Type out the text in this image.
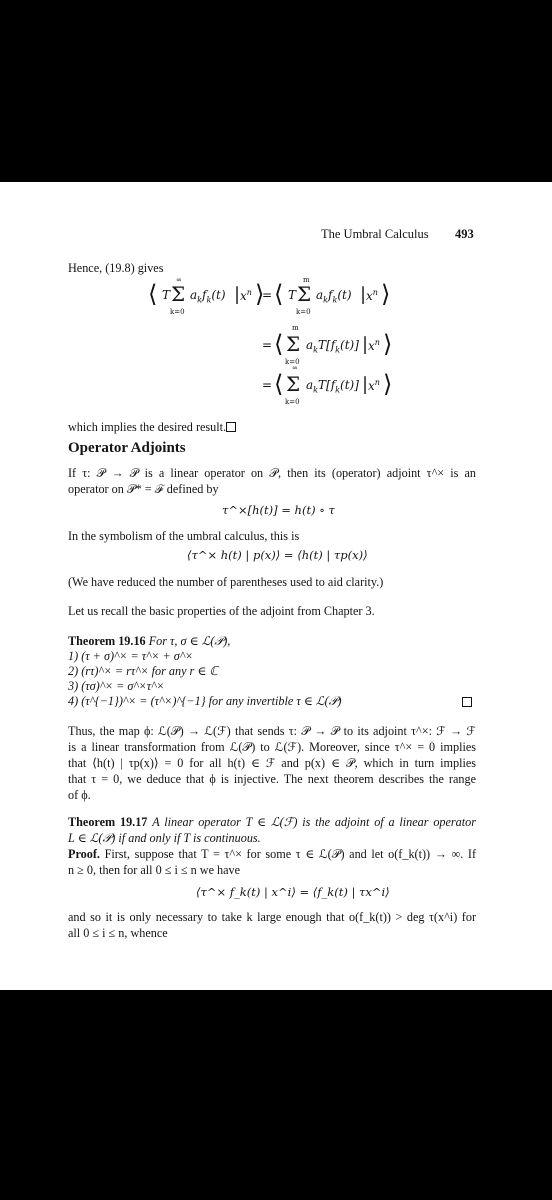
The Umbral Calculus 493
Hence, (19.8) gives
⟨ T Σ
∞
k=0
$a_kf_k(t)$ | $x^n$ ⟩
= ⟨ T Σ
m
k=0
$a_kf_k(t)$ | $x^n$ ⟩
= ⟨ Σ
m
k=0
$a_kT[f_k(t)]$ | $x^n$ ⟩
= ⟨ Σ
∞
k=0
$a_kT[f_k(t)]$ | $x^n$ ⟩
which implies the desired result.
Operator Adjoints
If τ: 𝒫 → 𝒫 is a linear operator on 𝒫, then its (operator) adjoint τ^× is an
operator on 𝒫* = ℱ defined by
τ^×[h(t)] = h(t) ∘ τ
In the symbolism of the umbral calculus, this is
⟨τ^× h(t) | p(x)⟩ = ⟨h(t) | τp(x)⟩
(We have reduced the number of parentheses used to aid clarity.)
Let us recall the basic properties of the adjoint from Chapter 3.
Theorem 19.16 For τ, σ ∈ ℒ(𝒫),
1) (τ + σ)^× = τ^× + σ^×
2) (rτ)^× = rτ^× for any r ∈ ℂ
3) (τσ)^× = σ^×τ^×
4) (τ^{−1})^× = (τ^×)^{−1} for any invertible τ ∈ ℒ(𝒫)
Thus, the map ϕ: ℒ(𝒫) → ℒ(ℱ) that sends τ: 𝒫 → 𝒫 to its adjoint τ^×: ℱ → ℱ
is a linear transformation from ℒ(𝒫) to ℒ(ℱ). Moreover, since τ^× = 0 implies
that ⟨h(t) | τp(x)⟩ = 0 for all h(t) ∈ ℱ and p(x) ∈ 𝒫, which in turn implies
that τ = 0, we deduce that ϕ is injective. The next theorem describes the range
of ϕ.
Theorem 19.17 A linear operator T ∈ ℒ(ℱ) is the adjoint of a linear operator
L ∈ ℒ(𝒫) if and only if T is continuous.
Proof. First, suppose that T = τ^× for some τ ∈ ℒ(𝒫) and let o(f_k(t)) → ∞. If
n ≥ 0, then for all 0 ≤ i ≤ n we have
⟨τ^× f_k(t) | x^i⟩ = ⟨f_k(t) | τx^i⟩
and so it is only necessary to take k large enough that o(f_k(t)) > deg τ(x^i) for
all 0 ≤ i ≤ n, whence
